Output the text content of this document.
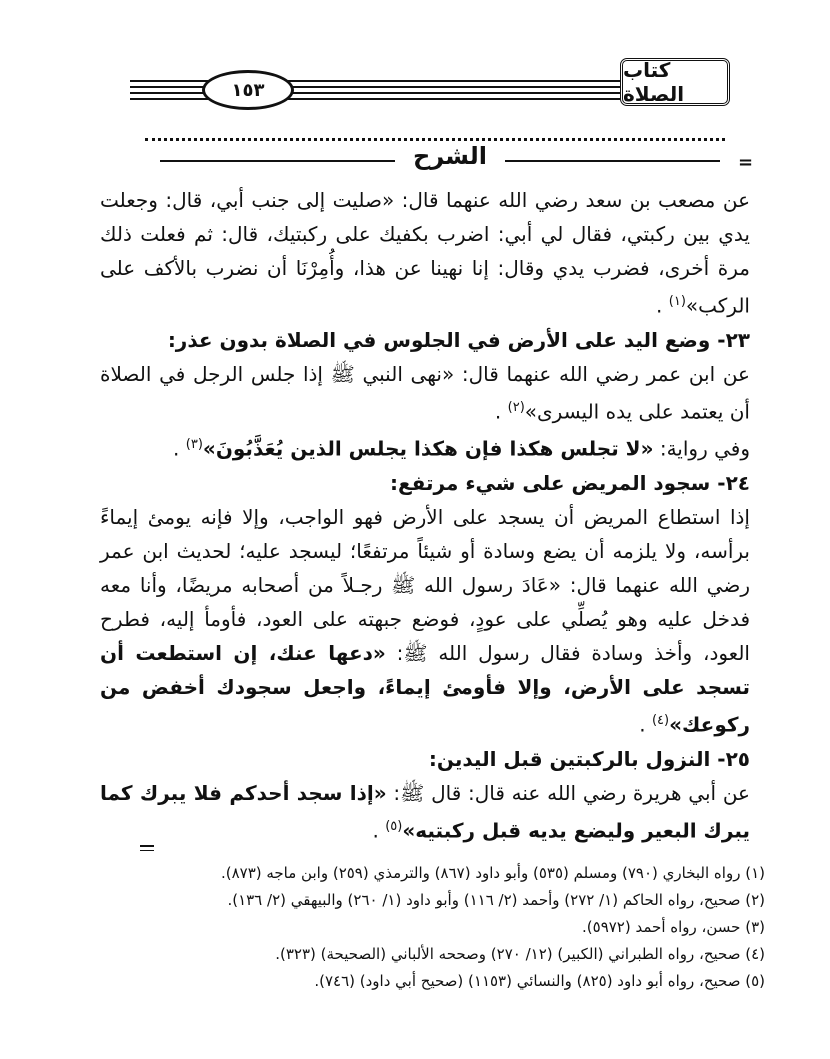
كتاب الصلاة
١٥٣
الشرح	=

عن مصعب بن سعد رضي الله عنهما قال: «صليت إلى جنب أبي، قال: وجعلت يدي بين ركبتي، فقال لي أبي: اضرب بكفيك على ركبتيك، قال: ثم فعلت ذلك مرة أخرى، فضرب يدي وقال: إنا نهينا عن هذا، وأُمِرْنَا أن نضرب بالأكف على الركب»$^{(١)}$ .

٢٣- وضع اليد على الأرض في الجلوس في الصلاة بدون عذر:

عن ابن عمر رضي الله عنهما قال: «نهى النبي ﷺ إذا جلس الرجل في الصلاة أن يعتمد على يده اليسرى»$^{(٢)}$ .

وفي رواية: «لا تجلس هكذا فإن هكذا يجلس الذين يُعَذَّبُونَ»$^{(٣)}$ .

٢٤- سجود المريض على شيء مرتفع:

إذا استطاع المريض أن يسجد على الأرض فهو الواجب، وإلا فإنه يومئ إيماءً برأسه، ولا يلزمه أن يضع وسادة أو شيئاً مرتفعًا؛ ليسجد عليه؛ لحديث ابن عمر رضي الله عنهما قال: «عَادَ رسول الله ﷺ رجـلاً من أصحابه مريضًا، وأنا معه فدخل عليه وهو يُصلِّي على عودٍ، فوضع جبهته على العود، فأومأ إليه، فطرح العود، وأخذ وسادة فقال رسول الله ﷺ: «دعها عنك، إن استطعت أن تسجد على الأرض، وإلا فأومئ إيماءً، واجعل سجودك أخفض من ركوعك»$^{(٤)}$ .

٢٥- النزول بالركبتين قبل اليدين:

عن أبي هريرة رضي الله عنه قال: قال ﷺ: «إذا سجد أحدكم فلا يبرك كما يبرك البعير وليضع يديه قبل ركبتيه»$^{(٥)}$ .

(١) رواه البخاري (٧٩٠) ومسلم (٥٣٥) وأبو داود (٨٦٧) والترمذي (٢٥٩) وابن ماجه (٨٧٣).

(٢) صحيح، رواه الحاكم (١/ ٢٧٢) وأحمد (٢/ ١١٦) وأبو داود (١/ ٢٦٠) والبيهقي (٢/ ١٣٦).

(٣) حسن، رواه أحمد (٥٩٧٢).

(٤) صحيح، رواه الطبراني (الكبير) (١٢/ ٢٧٠) وصححه الألباني (الصحيحة) (٣٢٣).

(٥) صحيح، رواه أبو داود (٨٢٥) والنسائي (١١٥٣) (صحيح أبي داود) (٧٤٦).
